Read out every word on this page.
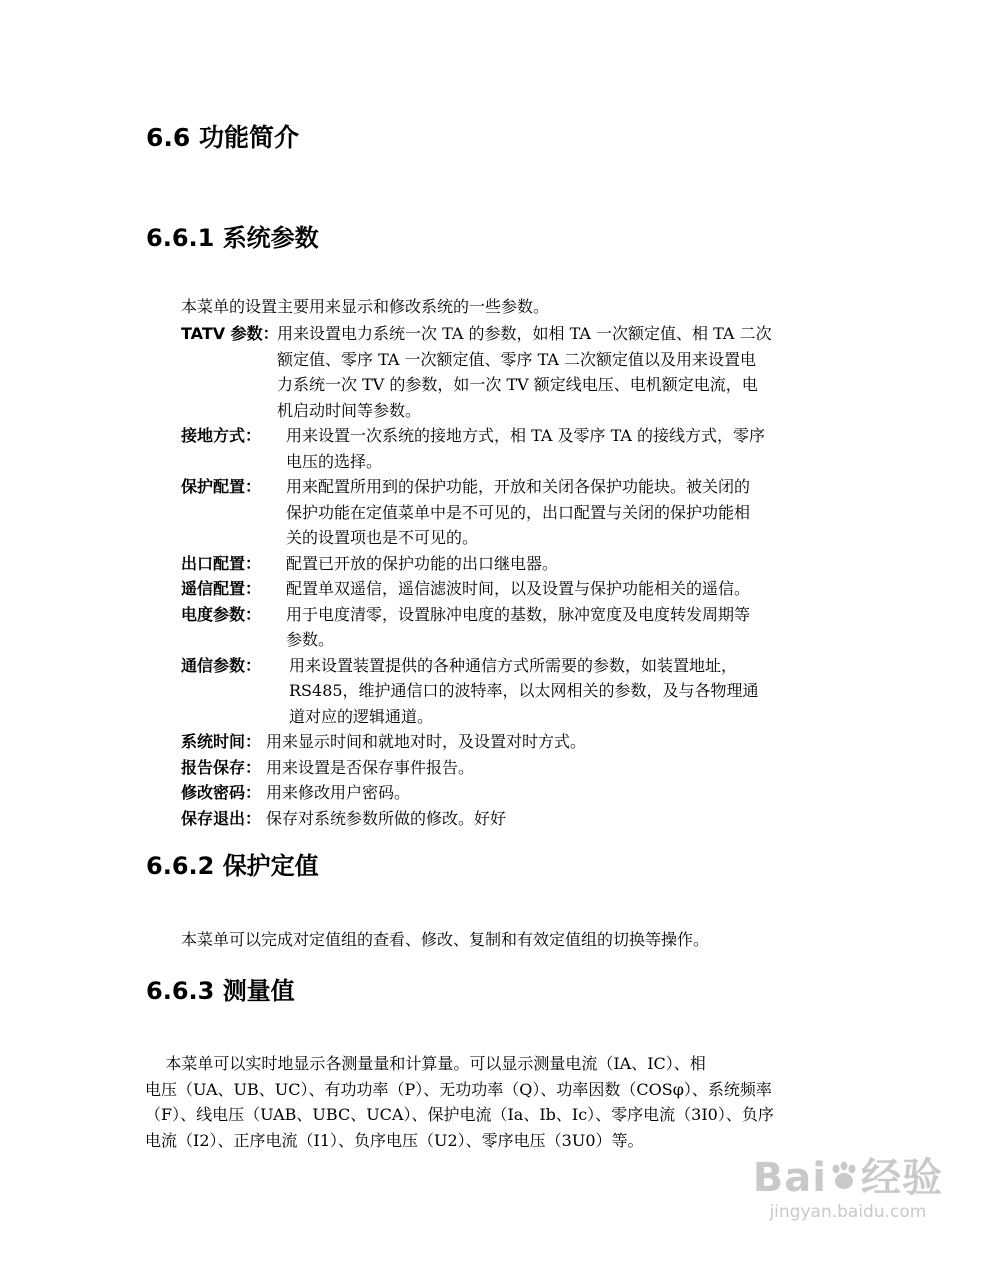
6.6 功能简介
6.6.1 系统参数
本菜单的设置主要用来显示和修改系统的一些参数。
TATV 参数：
用来设置电力系统一次 TA 的参数，如相 TA 一次额定值、相 TA 二次
额定值、零序 TA 一次额定值、零序 TA 二次额定值以及用来设置电
力系统一次 TV 的参数，如一次 TV 额定线电压、电机额定电流，电
机启动时间等参数。
接地方式：	用来设置一次系统的接地方式，相 TA 及零序 TA 的接线方式，零序
电压的选择。
保护配置：	用来配置所用到的保护功能，开放和关闭各保护功能块。被关闭的
保护功能在定值菜单中是不可见的，出口配置与关闭的保护功能相
关的设置项也是不可见的。
出口配置：	配置已开放的保护功能的出口继电器。
遥信配置：	配置单双遥信，遥信滤波时间，以及设置与保护功能相关的遥信。
电度参数：	用于电度清零，设置脉冲电度的基数，脉冲宽度及电度转发周期等
参数。
通信参数：	用来设置装置提供的各种通信方式所需要的参数，如装置地址，
RS485，维护通信口的波特率，以太网相关的参数，及与各物理通
道对应的逻辑通道。
系统时间： 用来显示时间和就地对时，及设置对时方式。
报告保存： 用来设置是否保存事件报告。
修改密码： 用来修改用户密码。
保存退出： 保存对系统参数所做的修改。好好
6.6.2 保护定值
本菜单可以完成对定值组的查看、修改、复制和有效定值组的切换等操作。
6.6.3 测量值
本菜单可以实时地显示各测量量和计算量。可以显示测量电流（IA、IC）、相
电压（UA、UB、UC）、有功功率（P）、无功功率（Q）、功率因数（COSφ）、系统频率
（F）、线电压（UAB、UBC、UCA）、保护电流（Ia、Ib、Ic）、零序电流（3I0）、负序
电流（I2）、正序电流（I1）、负序电压（U2）、零序电压（3U0）等。
Bai 经验
jingyan.baidu.com
